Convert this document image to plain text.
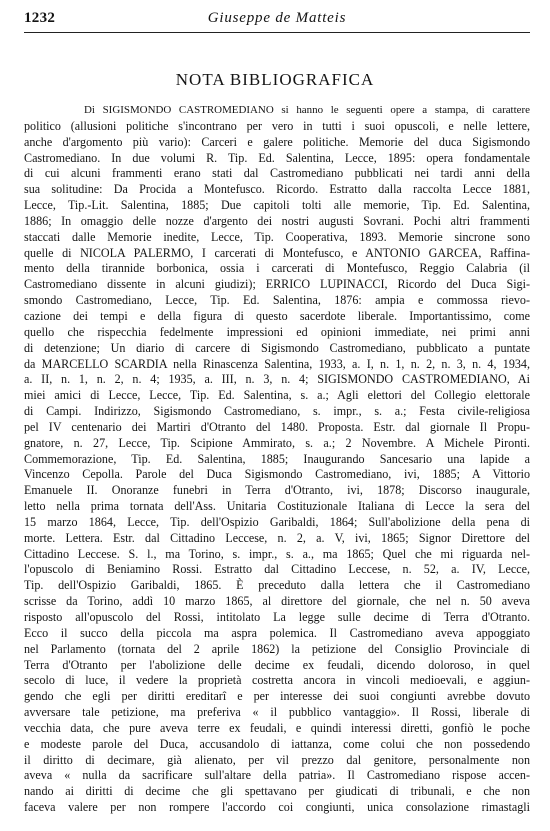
1232	Giuseppe de Matteis
NOTA BIBLIOGRAFICA
Di SIGISMONDO CASTROMEDIANO si hanno le seguenti opere a stampa, di carattere
politico (allusioni politiche s'incontrano per vero in tutti i suoi opuscoli, e nelle lettere,
anche d'argomento più vario): Carceri e galere politiche. Memorie del duca Sigismondo
Castromediano. In due volumi R. Tip. Ed. Salentina, Lecce, 1895: opera fondamentale
di cui alcuni frammenti erano stati dal Castromediano pubblicati nei tardi anni della
sua solitudine: Da Procida a Montefusco. Ricordo. Estratto dalla raccolta Lecce 1881,
Lecce, Tip.-Lit. Salentina, 1885; Due capitoli tolti alle memorie, Tip. Ed. Salentina,
1886; In omaggio delle nozze d'argento dei nostri augusti Sovrani. Pochi altri frammenti
staccati dalle Memorie inedite, Lecce, Tip. Cooperativa, 1893. Memorie sincrone sono
quelle di NICOLA PALERMO, I carcerati di Montefusco, e ANTONIO GARCEA, Raffina-
mento della tirannide borbonica, ossia i carcerati di Montefusco, Reggio Calabria (il
Castromediano dissente in alcuni giudizi); ERRICO LUPINACCI, Ricordo del Duca Sigi-
smondo Castromediano, Lecce, Tip. Ed. Salentina, 1876: ampia e commossa rievo-
cazione dei tempi e della figura di questo sacerdote liberale. Importantissimo, come
quello che rispecchia fedelmente impressioni ed opinioni immediate, nei primi anni
di detenzione; Un diario di carcere di Sigismondo Castromediano, pubblicato a puntate
da MARCELLO SCARDIA nella Rinascenza Salentina, 1933, a. I, n. 1, n. 2, n. 3, n. 4, 1934,
a. II, n. 1, n. 2, n. 4; 1935, a. III, n. 3, n. 4; SIGISMONDO CASTROMEDIANO, Ai
miei amici di Lecce, Lecce, Tip. Ed. Salentina, s. a.; Agli elettori del Collegio elettorale
di Campi. Indirizzo, Sigismondo Castromediano, s. impr., s. a.; Festa civile-religiosa
pel IV centenario dei Martiri d'Otranto del 1480. Proposta. Estr. dal giornale Il Propu-
gnatore, n. 27, Lecce, Tip. Scipione Ammirato, s. a.; 2 Novembre. A Michele Pironti.
Commemorazione, Tip. Ed. Salentina, 1885; Inaugurando Sancesario una lapide a
Vincenzo Cepolla. Parole del Duca Sigismondo Castromediano, ivi, 1885; A Vittorio
Emanuele II. Onoranze funebri in Terra d'Otranto, ivi, 1878; Discorso inaugurale,
letto nella prima tornata dell'Ass. Unitaria Costituzionale Italiana di Lecce la sera del
15 marzo 1864, Lecce, Tip. dell'Ospizio Garibaldi, 1864; Sull'abolizione della pena di
morte. Lettera. Estr. dal Cittadino Leccese, n. 2, a. V, ivi, 1865; Signor Direttore del
Cittadino Leccese. S. l., ma Torino, s. impr., s. a., ma 1865; Quel che mi riguarda nel-
l'opuscolo di Beniamino Rossi. Estratto dal Cittadino Leccese, n. 52, a. IV, Lecce,
Tip. dell'Ospizio Garibaldi, 1865. È preceduto dalla lettera che il Castromediano
scrisse da Torino, addì 10 marzo 1865, al direttore del giornale, che nel n. 50 aveva
risposto all'opuscolo del Rossi, intitolato La legge sulle decime di Terra d'Otranto.
Ecco il succo della piccola ma aspra polemica. Il Castromediano aveva appoggiato
nel Parlamento (tornata del 2 aprile 1862) la petizione del Consiglio Provinciale di
Terra d'Otranto per l'abolizione delle decime ex feudali, dicendo doloroso, in quel
secolo di luce, il vedere la proprietà costretta ancora in vincoli medioevali, e aggiun-
gendo che egli per diritti ereditarî e per interesse dei suoi congiunti avrebbe dovuto
avversare tale petizione, ma preferiva « il pubblico vantaggio». Il Rossi, liberale di
vecchia data, che pure aveva terre ex feudali, e quindi interessi diretti, gonfiò le poche
e modeste parole del Duca, accusandolo di iattanza, come colui che non possedendo
il diritto di decimare, già alienato, per vil prezzo dal genitore, personalmente non
aveva « nulla da sacrificare sull'altare della patria». Il Castromediano rispose accen-
nando ai diritti di decime che gli spettavano per giudicati di tribunali, e che non
faceva valere per non rompere l'accordo coi congiunti, unica consolazione rimastagli
